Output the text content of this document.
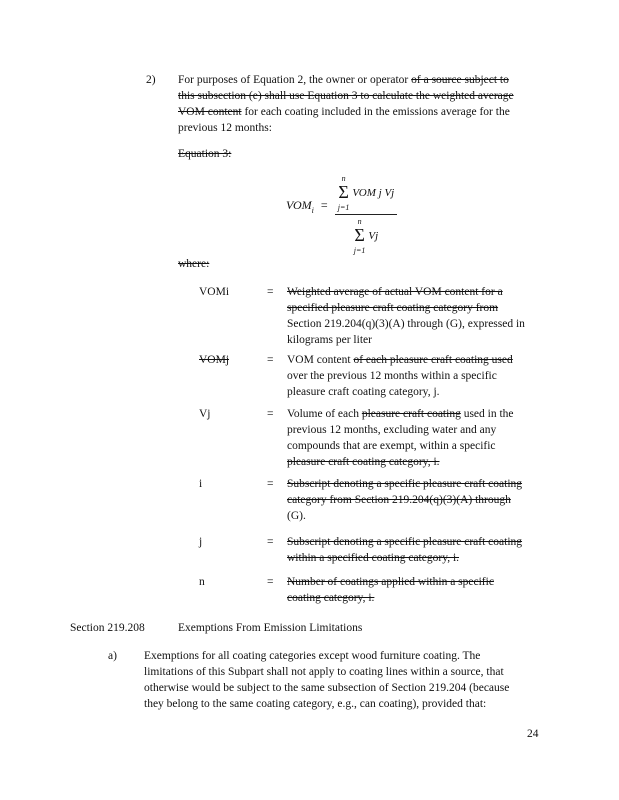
2) For purposes of Equation 2, the owner or operator of a source subject to
this subsection (e) shall use Equation 3 to calculate the weighted average
VOM content for each coating included in the emissions average for the
previous 12 months:
Equation 3:
$VOM_i$ =
n
Σ
j=1
VOM j Vj
n
Σ
j=1
Vj
where:
VOMi	=	Weighted average of actual VOM content for a
specified pleasure craft coating category from
Section 219.204(q)(3)(A) through (G), expressed in
kilograms per liter
VOMj	=	VOM content of each pleasure craft coating used
over the previous 12 months within a specific
pleasure craft coating category, j.
Vj	=	Volume of each pleasure craft coating used in the
previous 12 months, excluding water and any
compounds that are exempt, within a specific
pleasure craft coating category, i.
i	=	Subscript denoting a specific pleasure craft coating
category from Section 219.204(q)(3)(A) through
(G).
j	=	Subscript denoting a specific pleasure craft coating
within a specified coating category, i.
n	=	Number of coatings applied within a specific
coating category, i.
Section 219.208	Exemptions From Emission Limitations
a) Exemptions for all coating categories except wood furniture coating. The
limitations of this Subpart shall not apply to coating lines within a source, that
otherwise would be subject to the same subsection of Section 219.204 (because
they belong to the same coating category, e.g., can coating), provided that:
24
